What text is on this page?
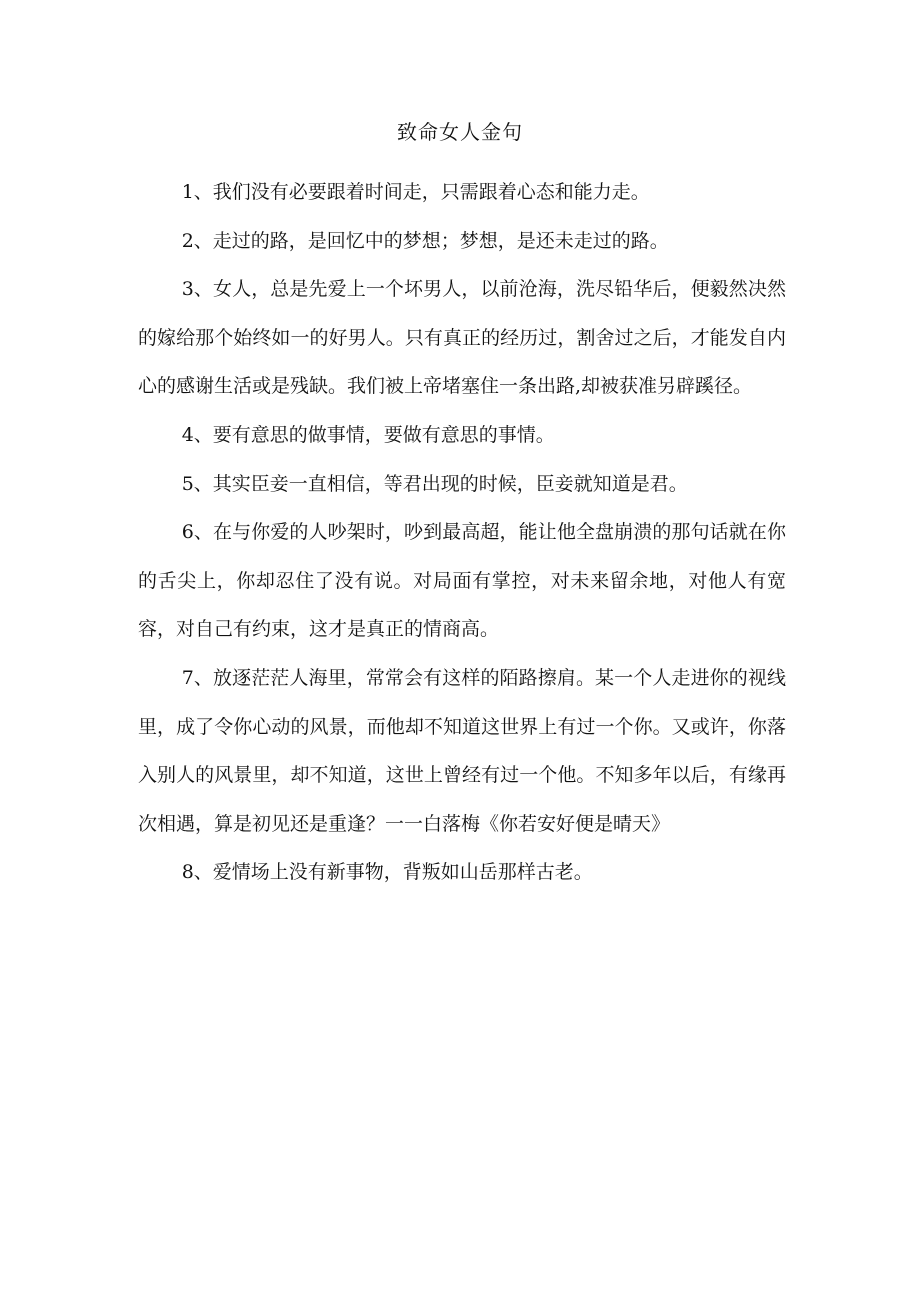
致命女人金句

1、我们没有必要跟着时间走，只需跟着心态和能力走。

2、走过的路，是回忆中的梦想；梦想，是还未走过的路。

3、女人，总是先爱上一个坏男人，以前沧海，洗尽铅华后，便毅然决然的嫁给那个始终如一的好男人。只有真正的经历过，割舍过之后，才能发自内心的感谢生活或是残缺。我们被上帝堵塞住一条出路,却被获准另辟蹊径。

4、要有意思的做事情，要做有意思的事情。

5、其实臣妾一直相信，等君出现的时候，臣妾就知道是君。

6、在与你爱的人吵架时，吵到最高超，能让他全盘崩溃的那句话就在你的舌尖上，你却忍住了没有说。对局面有掌控，对未来留余地，对他人有宽容，对自己有约束，这才是真正的情商高。

7、放逐茫茫人海里，常常会有这样的陌路擦肩。某一个人走进你的视线里，成了令你心动的风景，而他却不知道这世界上有过一个你。又或许，你落入别人的风景里，却不知道，这世上曾经有过一个他。不知多年以后，有缘再次相遇，算是初见还是重逢？一一白落梅《你若安好便是晴天》

8、爱情场上没有新事物，背叛如山岳那样古老。
